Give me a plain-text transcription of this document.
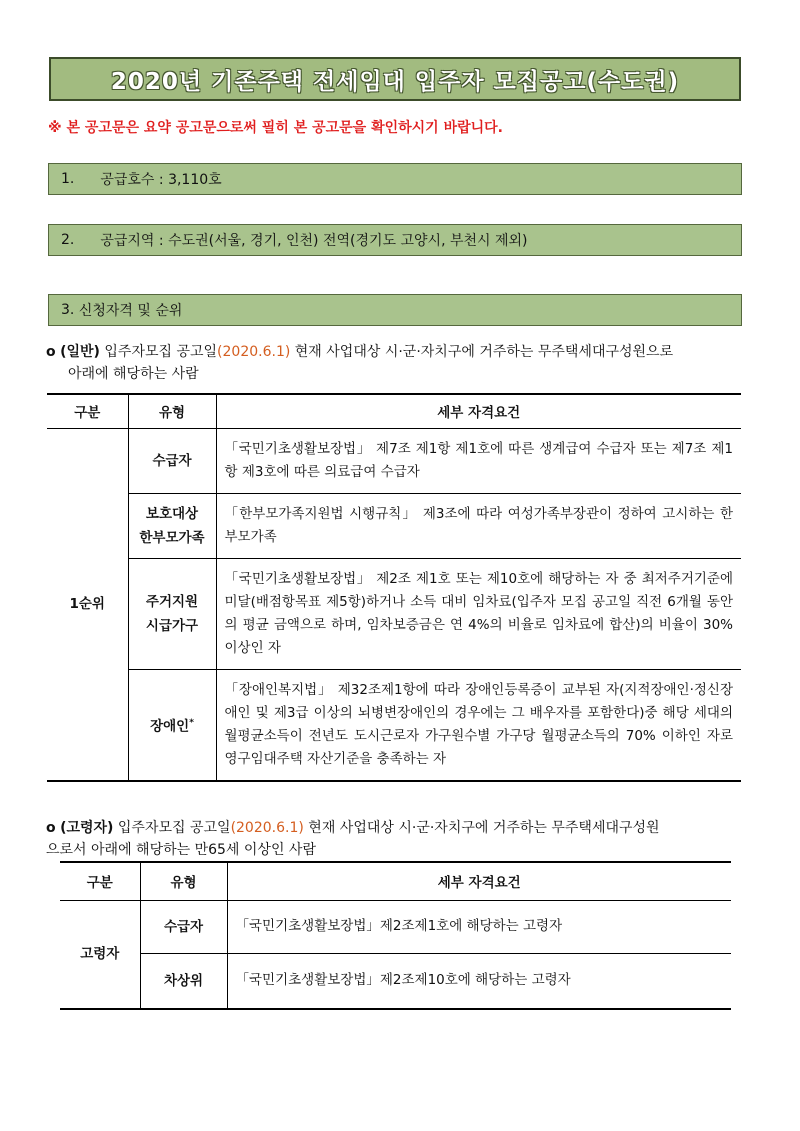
2020년 기존주택 전세임대 입주자 모집공고(수도권)
※ 본 공고문은 요약 공고문으로써 필히 본 공고문을 확인하시기 바랍니다.
1. 공급호수 : 3,110호
2. 공급지역 : 수도권(서울, 경기, 인천) 전역(경기도 고양시, 부천시 제외)
3.
신청자격 및 순위
o (일반) 입주자모집 공고일(2020.6.1) 현재 사업대상 시·군·자치구에 거주하는 무주택세대구성원으로
아래에 해당하는 사람
구분	유형	세부 자격요건
1순위	수급자	「국민기초생활보장법」 제7조 제1항 제1호에 따른 생계급여 수급자 또는 제7조 제1항 제3호에 따른 의료급여 수급자

	보호대상
한부모가족	「한부모가족지원법 시행규칙」 제3조에 따라 여성가족부장관이 정하여 고시하는 한부모가족

	주거지원
시급가구	「국민기초생활보장법」 제2조 제1호 또는 제10호에 해당하는 자 중 최저주거기준에 미달(배점항목표 제5항)하거나 소득 대비 임차료(입주자 모집 공고일 직전 6개월 동안의 평균 금액으로 하며, 임차보증금은 연 4%의 비율로 임차료에 합산)의 비율이 30% 이상인 자
	장애인*	「장애인복지법」 제32조제1항에 따라 장애인등록증이 교부된 자(지적장애인·정신장애인 및 제3급 이상의 뇌병변장애인의 경우에는 그 배우자를 포함한다)중 해당 세대의 월평균소득이 전년도 도시근로자 가구원수별 가구당 월평균소득의 70% 이하인 자로 영구임대주택 자산기준을 충족하는 자
o (고령자) 입주자모집 공고일(2020.6.1) 현재 사업대상 시·군·자치구에 거주하는 무주택세대구성원
으로서 아래에 해당하는 만65세 이상인 사람
구분	유형	세부 자격요건
고령자	수급자	「국민기초생활보장법」제2조제1호에 해당하는 고령자
	차상위	「국민기초생활보장법」제2조제10호에 해당하는 고령자
